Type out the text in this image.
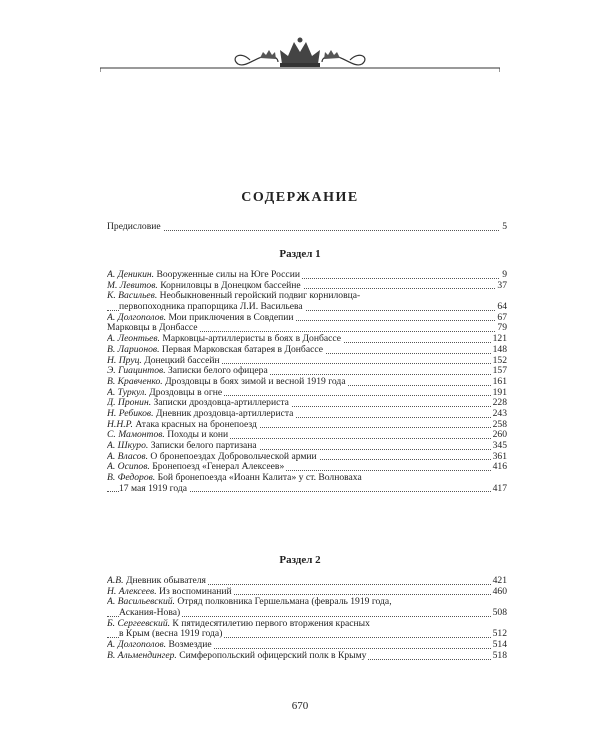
СОДЕРЖАНИЕ
Предисловие	5
Раздел 1
А. Деникин. Вооруженные силы на Юге России	9
М. Левитов. Корниловцы в Донецком бассейне	37
К. Васильев. Необыкновенный геройский подвиг корниловца-
первопоходника прапорщика Л.И. Васильева	64
А. Долгополов. Мои приключения в Совдепии	67
Марковцы в Донбассе	79
А. Леонтьев. Марковцы-артиллеристы в боях в Донбассе	121
В. Ларионов. Первая Марковская батарея в Донбассе	148
Н. Пруц. Донецкий бассейн	152
Э. Гиацинтов. Записки белого офицера	157
В. Кравченко. Дроздовцы в боях зимой и весной 1919 года	161
А. Туркул. Дроздовцы в огне	191
Д. Пронин. Записки дроздовца-артиллериста	228
Н. Ребиков. Дневник дроздовца-артиллериста	243
Н.Н.Р. Атака красных на бронепоезд	258
С. Мамонтов. Походы и кони	260
А. Шкуро. Записки белого партизана	345
А. Власов. О бронепоездах Добровольческой армии	361
А. Осипов. Бронепоезд «Генерал Алексеев»	416
В. Федоров. Бой бронепоезда «Иоанн Калита» у ст. Волноваха
17 мая 1919 года	417
Раздел 2
А.В. Дневник обывателя	421
Н. Алексеев. Из воспоминаний	460
А. Васильевский. Отряд полковника Гершельмана (февраль 1919 года,
Аскания-Нова)	508
Б. Сергеевский. К пятидесятилетию первого вторжения красных
в Крым (весна 1919 года)	512
А. Долгополов. Возмездие	514
В. Альмендингер. Симферопольский офицерский полк в Крыму	518
670
